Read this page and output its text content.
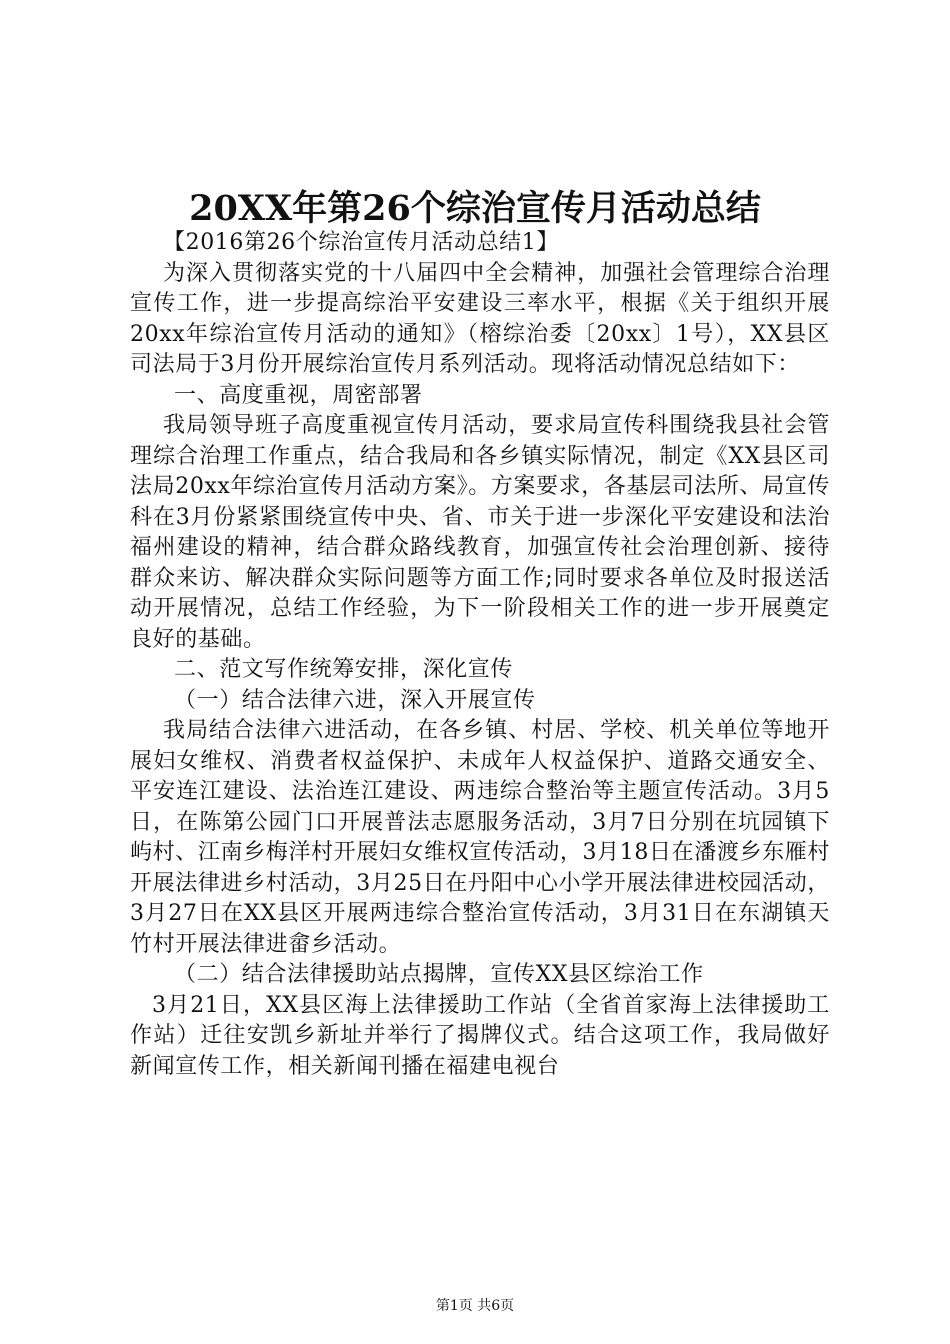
20XX年第26个综治宣传月活动总结

【2016第26个综治宣传月活动总结1】

为深入贯彻落实党的十八届四中全会精神，加强社会管理综合治理宣传工作，进一步提高综治平安建设三率水平，根据《关于组织开展20xx年综治宣传月活动的通知》（榕综治委〔20xx〕1号），XX县区司法局于3月份开展综治宣传月系列活动。现将活动情况总结如下：

一、高度重视，周密部署

我局领导班子高度重视宣传月活动，要求局宣传科围绕我县社会管理综合治理工作重点，结合我局和各乡镇实际情况，制定《XX县区司法局20xx年综治宣传月活动方案》。方案要求，各基层司法所、局宣传科在3月份紧紧围绕宣传中央、省、市关于进一步深化平安建设和法治福州建设的精神，结合群众路线教育，加强宣传社会治理创新、接待群众来访、解决群众实际问题等方面工作;同时要求各单位及时报送活动开展情况，总结工作经验，为下一阶段相关工作的进一步开展奠定良好的基础。

二、范文写作统筹安排，深化宣传

（一）结合法律六进，深入开展宣传

我局结合法律六进活动，在各乡镇、村居、学校、机关单位等地开展妇女维权、消费者权益保护、未成年人权益保护、道路交通安全、平安连江建设、法治连江建设、两违综合整治等主题宣传活动。3月5日，在陈第公园门口开展普法志愿服务活动，3月7日分别在坑园镇下屿村、江南乡梅洋村开展妇女维权宣传活动，3月18日在潘渡乡东雁村开展法律进乡村活动，3月25日在丹阳中心小学开展法律进校园活动，3月27日在XX县区开展两违综合整治宣传活动，3月31日在东湖镇天竹村开展法律进畲乡活动。

（二）结合法律援助站点揭牌，宣传XX县区综治工作

3月21日，XX县区海上法律援助工作站（全省首家海上法律援助工作站）迁往安凯乡新址并举行了揭牌仪式。结合这项工作，我局做好新闻宣传工作，相关新闻刊播在福建电视台

第1页 共6页
